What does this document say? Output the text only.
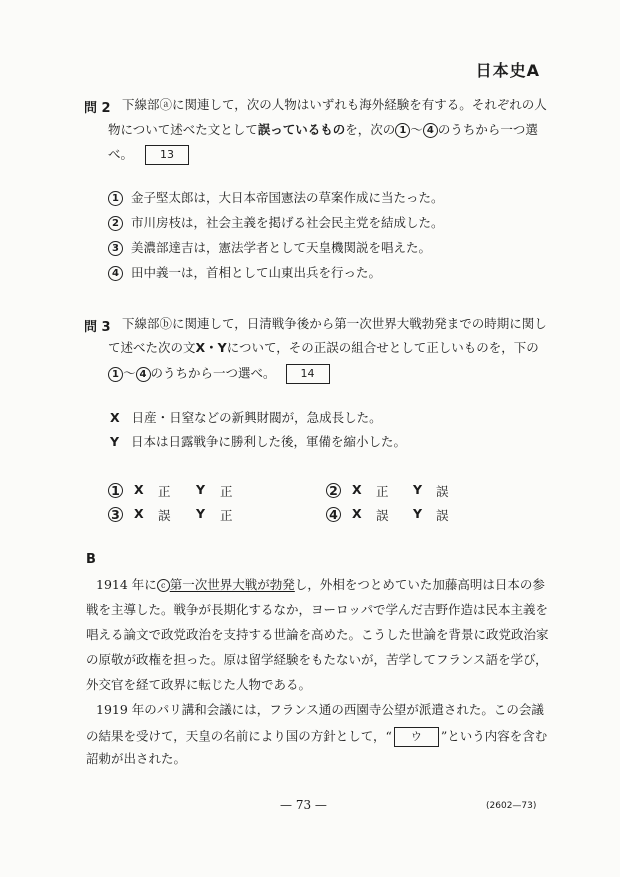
日本史A
問 2 下線部ⓐに関連して，次の人物はいずれも海外経験を有する。それぞれの人
物について述べた文として誤っているものを，次の 1 ～ 4 のうちから一つ選
べ。 13
1 金子堅太郎は，大日本帝国憲法の草案作成に当たった。
2 市川房枝は，社会主義を掲げる社会民主党を結成した。
3 美濃部達吉は，憲法学者として天皇機関説を唱えた。
4 田中義一は，首相として山東出兵を行った。
問 3 下線部ⓑに関連して，日清戦争後から第一次世界大戦勃発までの時期に関し
て述べた次の文X・Yについて，その正誤の組合せとして正しいものを，下の
1 ～ 4 のうちから一つ選べ。 14
X 日産・日窒などの新興財閥が，急成長した。
Y 日本は日露戦争に勝利した後，軍備を縮小した。
1 X 正 Y 正	2 X 正 Y 誤
3 X 誤 Y 正	4 X 誤 Y 誤
B
1914 年に c 第一次世界大戦が勃発し，外相をつとめていた加藤高明は日本の参
戦を主導した。戦争が長期化するなか，ヨーロッパで学んだ吉野作造は民本主義を
唱える論文で政党政治を支持する世論を高めた。こうした世論を背景に政党政治家
の原敬が政権を担った。原は留学経験をもたないが，苦学してフランス語を学び，
外交官を経て政界に転じた人物である。
1919 年のパリ講和会議には，フランス通の西園寺公望が派遣された。この会議
の結果を受けて，天皇の名前により国の方針として，“ ウ ”という内容を含む
詔勅が出された。
— 73 —	(2602—73)
